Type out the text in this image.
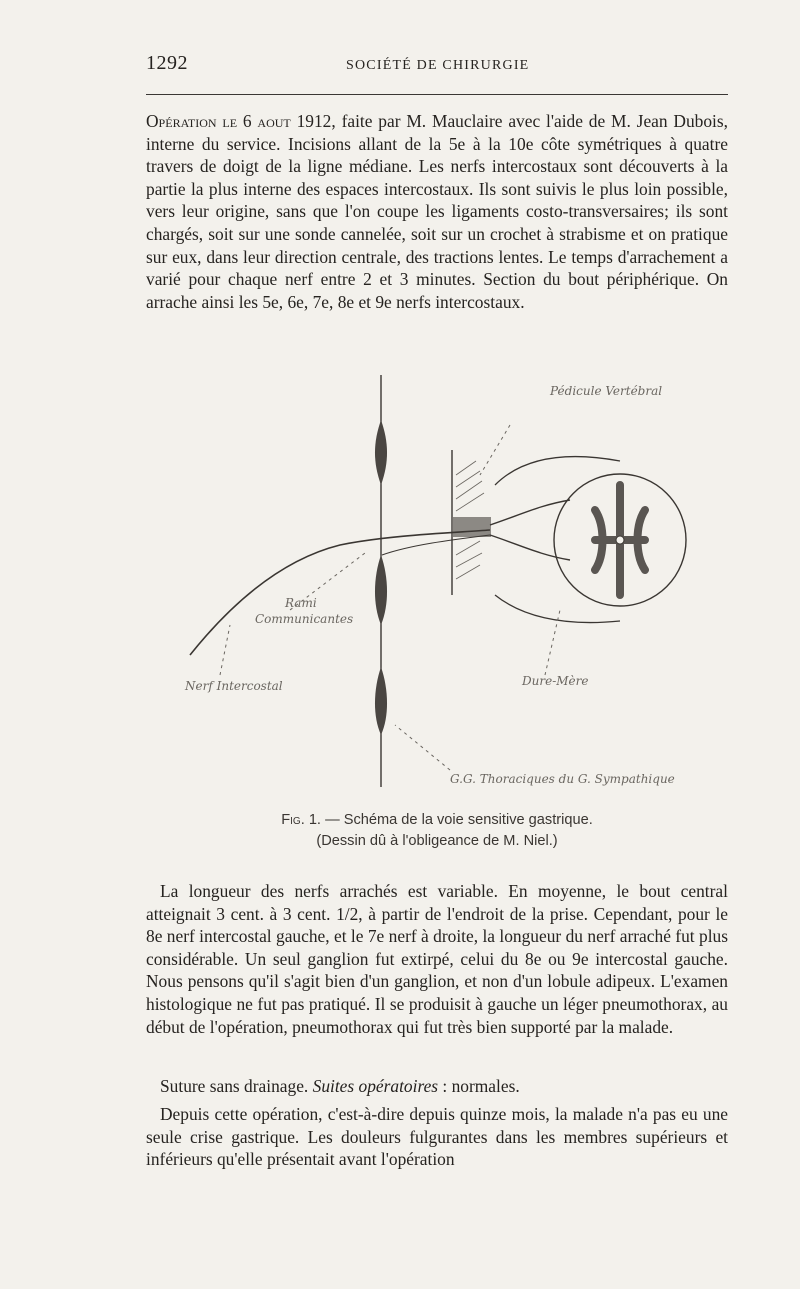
1292	SOCIÉTÉ DE CHIRURGIE

Opération le 6 aout 1912, faite par M. Mauclaire avec l'aide de M. Jean Dubois, interne du service. Incisions allant de la 5e à la 10e côte symétriques à quatre travers de doigt de la ligne médiane. Les nerfs intercostaux sont découverts à la partie la plus interne des espaces intercostaux. Ils sont suivis le plus loin possible, vers leur origine, sans que l'on coupe les ligaments costo-transversaires; ils sont chargés, soit sur une sonde cannelée, soit sur un crochet à strabisme et on pratique sur eux, dans leur direction centrale, des tractions lentes. Le temps d'arrachement a varié pour chaque nerf entre 2 et 3 minutes. Section du bout périphérique. On arrache ainsi les 5e, 6e, 7e, 8e et 9e nerfs intercostaux.

Pédicule Vertébral
Rami
Communicantes
Nerf Intercostal	Dure-Mère
G.G. Thoraciques du G. Sympathique
Fig. 1. — Schéma de la voie sensitive gastrique.
(Dessin dû à l'obligeance de M. Niel.)

La longueur des nerfs arrachés est variable. En moyenne, le bout central atteignait 3 cent. à 3 cent. 1/2, à partir de l'endroit de la prise. Cependant, pour le 8e nerf intercostal gauche, et le 7e nerf à droite, la longueur du nerf arraché fut plus considérable. Un seul ganglion fut extirpé, celui du 8e ou 9e intercostal gauche. Nous pensons qu'il s'agit bien d'un ganglion, et non d'un lobule adipeux. L'examen histologique ne fut pas pratiqué. Il se produisit à gauche un léger pneumothorax, au début de l'opération, pneumothorax qui fut très bien supporté par la malade.

Suture sans drainage. Suites opératoires : normales.

Depuis cette opération, c'est-à-dire depuis quinze mois, la malade n'a pas eu une seule crise gastrique. Les douleurs fulgurantes dans les membres supérieurs et inférieurs qu'elle présentait avant l'opération
